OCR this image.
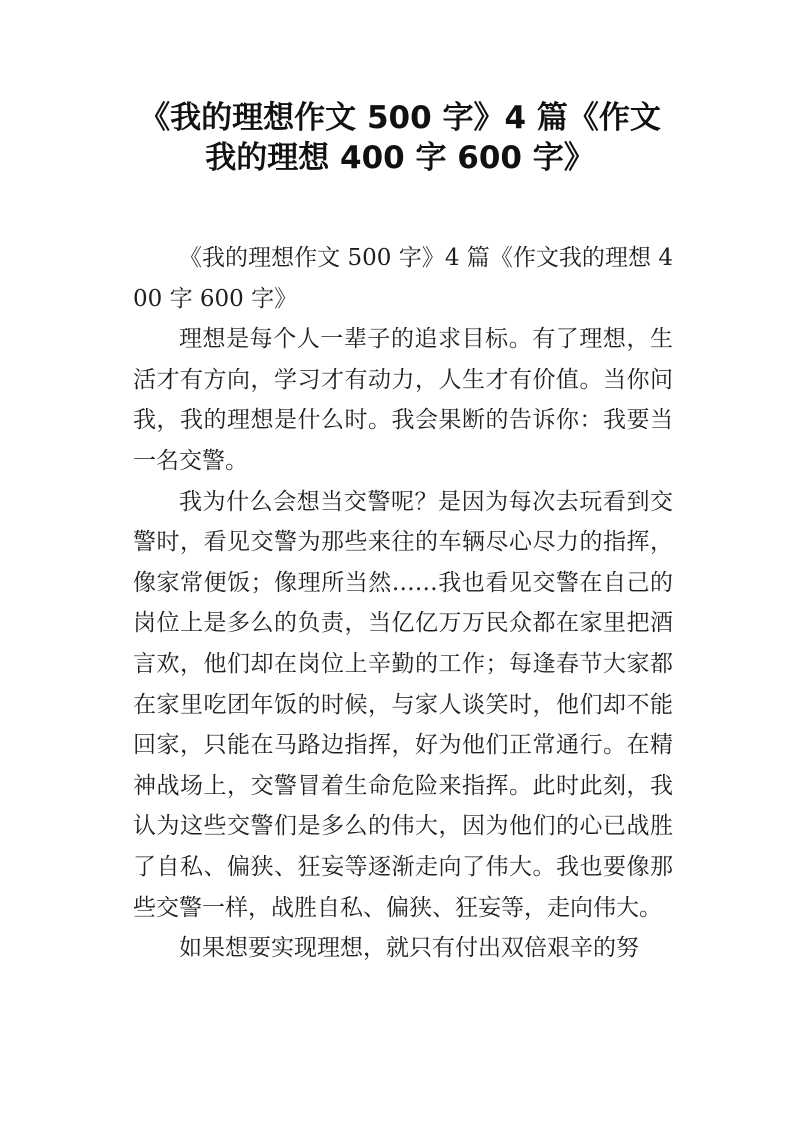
《我的理想作文 500 字》4 篇《作文
我的理想 400 字 600 字》

《我的理想作文 500 字》4 篇《作文我的理想 400 字 600 字》

理想是每个人一辈子的追求目标。有了理想，生活才有方向，学习才有动力，人生才有价值。当你问我，我的理想是什么时。我会果断的告诉你：我要当一名交警。

我为什么会想当交警呢？是因为每次去玩看到交警时，看见交警为那些来往的车辆尽心尽力的指挥，像家常便饭；像理所当然……我也看见交警在自己的岗位上是多么的负责，当亿亿万万民众都在家里把酒言欢，他们却在岗位上辛勤的工作；每逢春节大家都在家里吃团年饭的时候，与家人谈笑时，他们却不能回家，只能在马路边指挥，好为他们正常通行。在精神战场上，交警冒着生命危险来指挥。此时此刻，我认为这些交警们是多么的伟大，因为他们的心已战胜了自私、偏狭、狂妄等逐渐走向了伟大。我也要像那些交警一样，战胜自私、偏狭、狂妄等，走向伟大。

如果想要实现理想，就只有付出双倍艰辛的努
